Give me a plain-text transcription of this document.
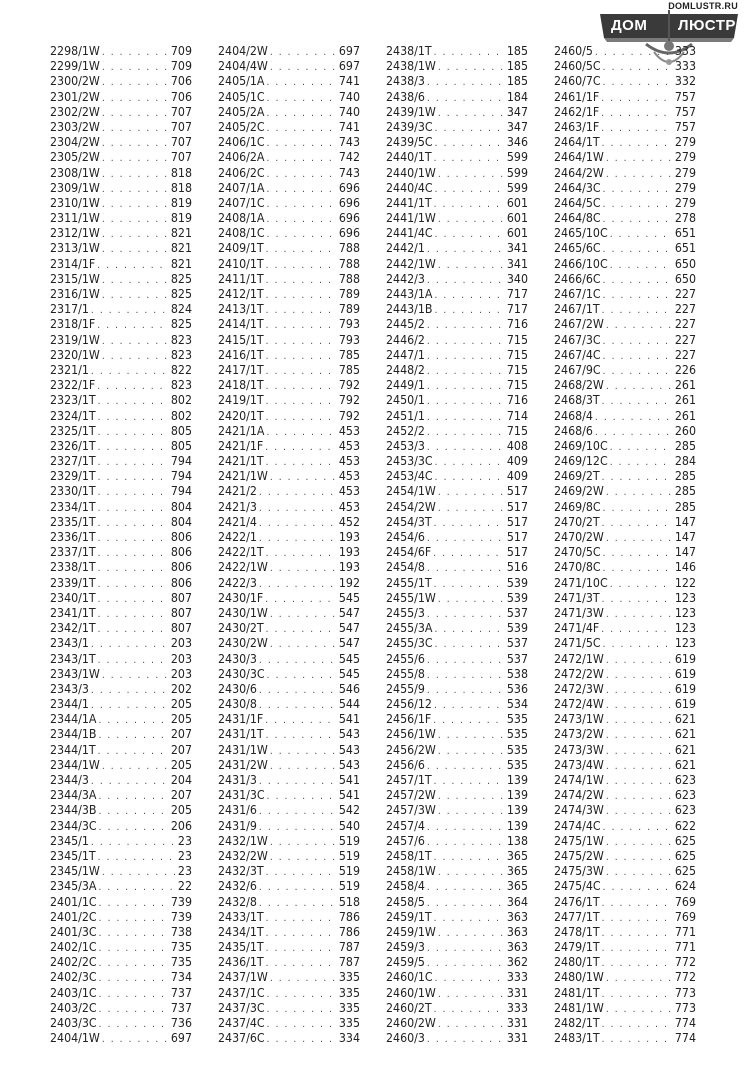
DOMLUSTR.RU
ДОМ ЛЮСТР
2298/1W . . .	709
2299/1W . . .	709
2300/2W . . .	706
2301/2W . . .	706
2302/2W . . .	707
2303/2W . . .	707
2304/2W . . .	707
2305/2W . . .	707
2308/1W . . .	818
2309/1W . . .	818
2310/1W . . .	819
2311/1W . . .	819
2312/1W . . .	821
2313/1W . . .	821
2314/1F . . .	821
2315/1W . . .	825
2316/1W . . .	825
2317/1 . . .	824
2318/1F . . .	825
2319/1W . . .	823
2320/1W . . .	823
2321/1 . . .	822
2322/1F . . .	823
2323/1T . . .	802
2324/1T . . .	802
2325/1T . . .	805
2326/1T . . .	805
2327/1T . . .	794
2329/1T . . .	794
2330/1T . . .	794
2334/1T . . .	804
2335/1T . . .	804
2336/1T . . .	806
2337/1T . . .	806
2338/1T . . .	806
2339/1T . . .	806
2340/1T . . .	807
2341/1T . . .	807
2342/1T . . .	807
2343/1 . . .	203
2343/1T . . .	203
2343/1W . . .	203
2343/3 . . .	202
2344/1 . . .	205
2344/1A . . .	205
2344/1B . . .	207
2344/1T . . .	207
2344/1W . . .	205
2344/3 . . .	204
2344/3A . . .	207
2344/3B . . .	205
2344/3C . . .	206
2345/1 . . .	23
2345/1T . . .	23
2345/1W . . .	23
2345/3A . . .	22
2401/1C . . .	739
2401/2C . . .	739
2401/3C . . .	738
2402/1C . . .	735
2402/2C . . .	735
2402/3C . . .	734
2403/1C . . .	737
2403/2C . . .	737
2403/3C . . .	736
2404/1W . . .	697
2404/2W . . .	697
2404/4W . . .	697
2405/1A . . .	741
2405/1C . . .	740
2405/2A . . .	740
2405/2C . . .	741
2406/1C . . .	743
2406/2A . . .	742
2406/2C . . .	743
2407/1A . . .	696
2407/1C . . .	696
2408/1A . . .	696
2408/1C . . .	696
2409/1T . . .	788
2410/1T . . .	788
2411/1T . . .	788
2412/1T . . .	789
2413/1T . . .	789
2414/1T . . .	793
2415/1T . . .	793
2416/1T . . .	785
2417/1T . . .	785
2418/1T . . .	792
2419/1T . . .	792
2420/1T . . .	792
2421/1A . . .	453
2421/1F . . .	453
2421/1T . . .	453
2421/1W . . .	453
2421/2 . . .	453
2421/3 . . .	453
2421/4 . . .	452
2422/1 . . .	193
2422/1T . . .	193
2422/1W . . .	193
2422/3 . . .	192
2430/1F . . .	545
2430/1W . . .	547
2430/2T . . .	547
2430/2W . . .	547
2430/3 . . .	545
2430/3C . . .	545
2430/6 . . .	546
2430/8 . . .	544
2431/1F . . .	541
2431/1T . . .	543
2431/1W . . .	543
2431/2W . . .	543
2431/3 . . .	541
2431/3C . . .	541
2431/6 . . .	542
2431/9 . . .	540
2432/1W . . .	519
2432/2W . . .	519
2432/3T . . .	519
2432/6 . . .	519
2432/8 . . .	518
2433/1T . . .	786
2434/1T . . .	786
2435/1T . . .	787
2436/1T . . .	787
2437/1W . . .	335
2437/1C . . .	335
2437/3C . . .	335
2437/4C . . .	335
2437/6C . . .	334
2438/1T . . .	185
2438/1W . . .	185
2438/3 . . .	185
2438/6 . . .	184
2439/1W . . .	347
2439/3C . . .	347
2439/5C . . .	346
2440/1T . . .	599
2440/1W . . .	599
2440/4C . . .	599
2441/1T . . .	601
2441/1W . . .	601
2441/4C . . .	601
2442/1 . . .	341
2442/1W . . .	341
2442/3 . . .	340
2443/1A . . .	717
2443/1B . . .	717
2445/2 . . .	716
2446/2 . . .	715
2447/1 . . .	715
2448/2 . . .	715
2449/1 . . .	715
2450/1 . . .	716
2451/1 . . .	714
2452/2 . . .	715
2453/3 . . .	408
2453/3C . . .	409
2453/4C . . .	409
2454/1W . . .	517
2454/2W . . .	517
2454/3T . . .	517
2454/6 . . .	517
2454/6F . . .	517
2454/8 . . .	516
2455/1T . . .	539
2455/1W . . .	539
2455/3 . . .	537
2455/3A . . .	539
2455/3C . . .	537
2455/6 . . .	537
2455/8 . . .	538
2455/9 . . .	536
2456/12 . . .	534
2456/1F . . .	535
2456/1W . . .	535
2456/2W . . .	535
2456/6 . . .	535
2457/1T . . .	139
2457/2W . . .	139
2457/3W . . .	139
2457/4 . . .	139
2457/6 . . .	138
2458/1T . . .	365
2458/1W . . .	365
2458/4 . . .	365
2458/5 . . .	364
2459/1T . . .	363
2459/1W . . .	363
2459/3 . . .	363
2459/5 . . .	362
2460/1C . . .	333
2460/1W . . .	331
2460/2T . . .	333
2460/2W . . .	331
2460/3 . . .	331
2460/5 . . .	333
2460/5C . . .	333
2460/7C . . .	332
2461/1F . . .	757
2462/1F . . .	757
2463/1F . . .	757
2464/1T . . .	279
2464/1W . . .	279
2464/2W . . .	279
2464/3C . . .	279
2464/5C . . .	279
2464/8C . . .	278
2465/10C . . .	651
2465/6C . . .	651
2466/10C . . .	650
2466/6C . . .	650
2467/1C . . .	227
2467/1T . . .	227
2467/2W . . .	227
2467/3C . . .	227
2467/4C . . .	227
2467/9C . . .	226
2468/2W . . .	261
2468/3T . . .	261
2468/4 . . .	261
2468/6 . . .	260
2469/10C . . .	285
2469/12C . . .	284
2469/2T . . .	285
2469/2W . . .	285
2469/8C . . .	285
2470/2T . . .	147
2470/2W . . .	147
2470/5C . . .	147
2470/8C . . .	146
2471/10C . . .	122
2471/3T . . .	123
2471/3W . . .	123
2471/4F . . .	123
2471/5C . . .	123
2472/1W . . .	619
2472/2W . . .	619
2472/3W . . .	619
2472/4W . . .	619
2473/1W . . .	621
2473/2W . . .	621
2473/3W . . .	621
2473/4W . . .	621
2474/1W . . .	623
2474/2W . . .	623
2474/3W . . .	623
2474/4C . . .	622
2475/1W . . .	625
2475/2W . . .	625
2475/3W . . .	625
2475/4C . . .	624
2476/1T . . .	769
2477/1T . . .	769
2478/1T . . .	771
2479/1T . . .	771
2480/1T . . .	772
2480/1W . . .	772
2481/1T . . .	773
2481/1W . . .	773
2482/1T . . .	774
2483/1T . . .	774
